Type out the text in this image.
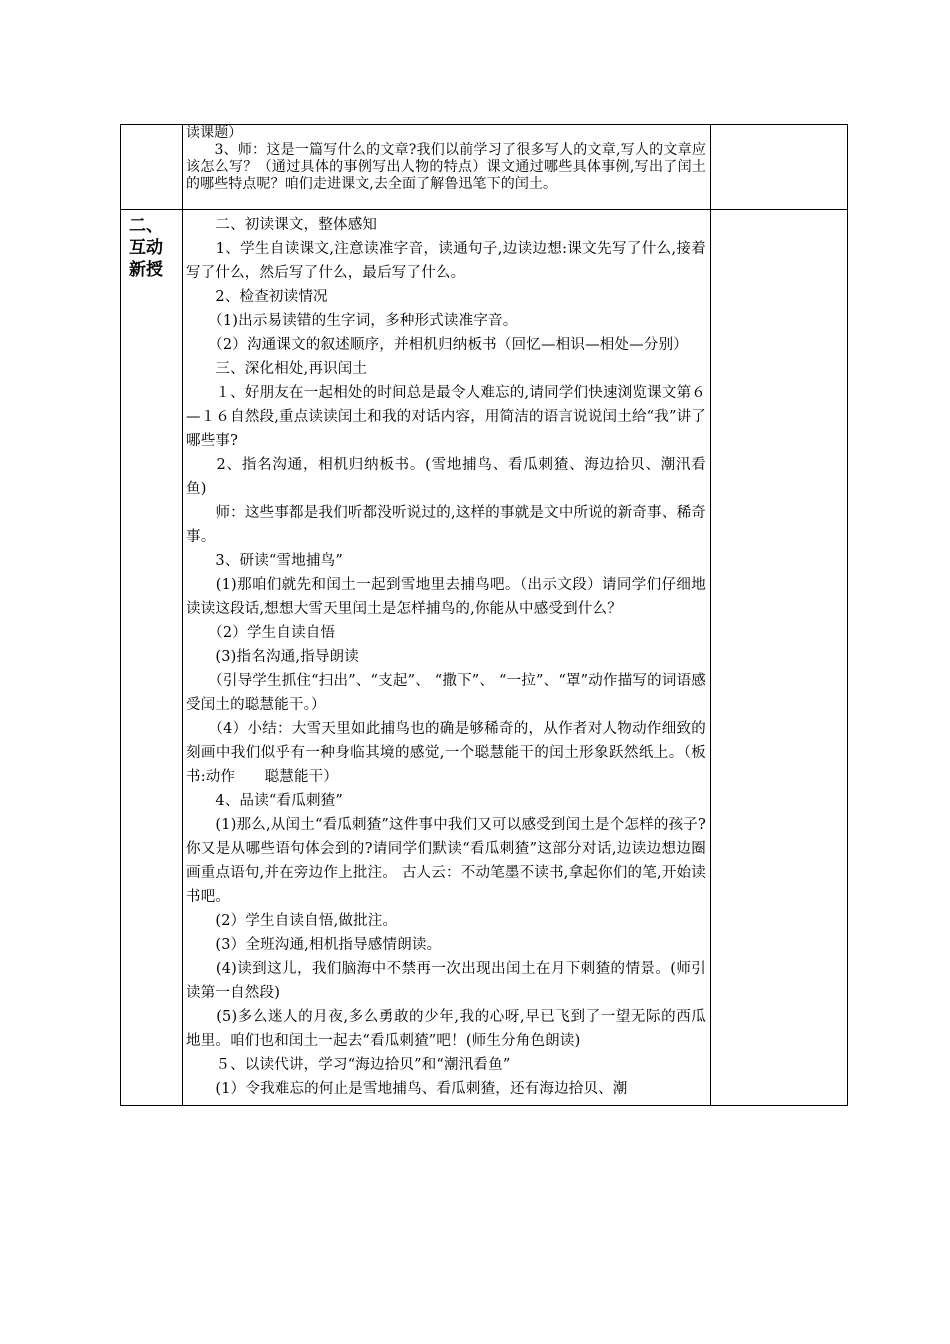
读课题）

　　3、师：这是一篇写什么的文章?我们以前学习了很多写人的文章,写人的文章应该怎么写？（通过具体的事例写出人物的特点）课文通过哪些具体事例,写出了闰土的哪些特点呢？咱们走进课文,去全面了解鲁迅笔下的闰土。

二、
互动
新授

　　二、初读课文，整体感知

　　1、学生自读课文,注意读准字音，读通句子,边读边想:课文先写了什么,接着写了什么，然后写了什么，最后写了什么。

　　2、检查初读情况

　　（1)出示易读错的生字词，多种形式读准字音。

　　（2）沟通课文的叙述顺序，并相机归纳板书（回忆—相识—相处—分别）

　　三、深化相处,再识闰土

　　１、好朋友在一起相处的时间总是最令人难忘的,请同学们快速浏览课文第６—１６自然段,重点读读闰土和我的对话内容，用简洁的语言说说闰土给“我”讲了哪些事?

　　2、指名沟通，相机归纳板书。(雪地捕鸟、看瓜刺猹、海边拾贝、潮汛看鱼)

　　师：这些事都是我们听都没听说过的,这样的事就是文中所说的新奇事、稀奇事。

　　3、研读“雪地捕鸟”

　　(1)那咱们就先和闰土一起到雪地里去捕鸟吧。（出示文段）请同学们仔细地读读这段话,想想大雪天里闰土是怎样捕鸟的,你能从中感受到什么？

　　（2）学生自读自悟

　　(3)指名沟通,指导朗读

　　（引导学生抓住“扫出”、“支起”、 “撒下”、 “一拉”、“罩”动作描写的词语感受闰土的聪慧能干。）

　　（4）小结：大雪天里如此捕鸟也的确是够稀奇的，从作者对人物动作细致的刻画中我们似乎有一种身临其境的感觉,一个聪慧能干的闰土形象跃然纸上。（板书:动作　　聪慧能干）

　　4、品读“看瓜刺猹”

　　(1)那么,从闰土“看瓜刺猹”这件事中我们又可以感受到闰土是个怎样的孩子?你又是从哪些语句体会到的?请同学们默读“看瓜刺猹”这部分对话,边读边想边圈画重点语句,并在旁边作上批注。 古人云：不动笔墨不读书,拿起你们的笔,开始读书吧。

　　(2）学生自读自悟,做批注。

　　(3）全班沟通,相机指导感情朗读。

　　(4)读到这儿，我们脑海中不禁再一次出现出闰土在月下刺猹的情景。(师引读第一自然段)

　　(5)多么迷人的月夜,多么勇敢的少年,我的心呀,早已飞到了一望无际的西瓜地里。咱们也和闰土一起去“看瓜刺猹”吧！(师生分角色朗读)

　　５、以读代讲，学习“海边拾贝”和“潮汛看鱼”

　　(1）令我难忘的何止是雪地捕鸟、看瓜刺猹，还有海边拾贝、潮
